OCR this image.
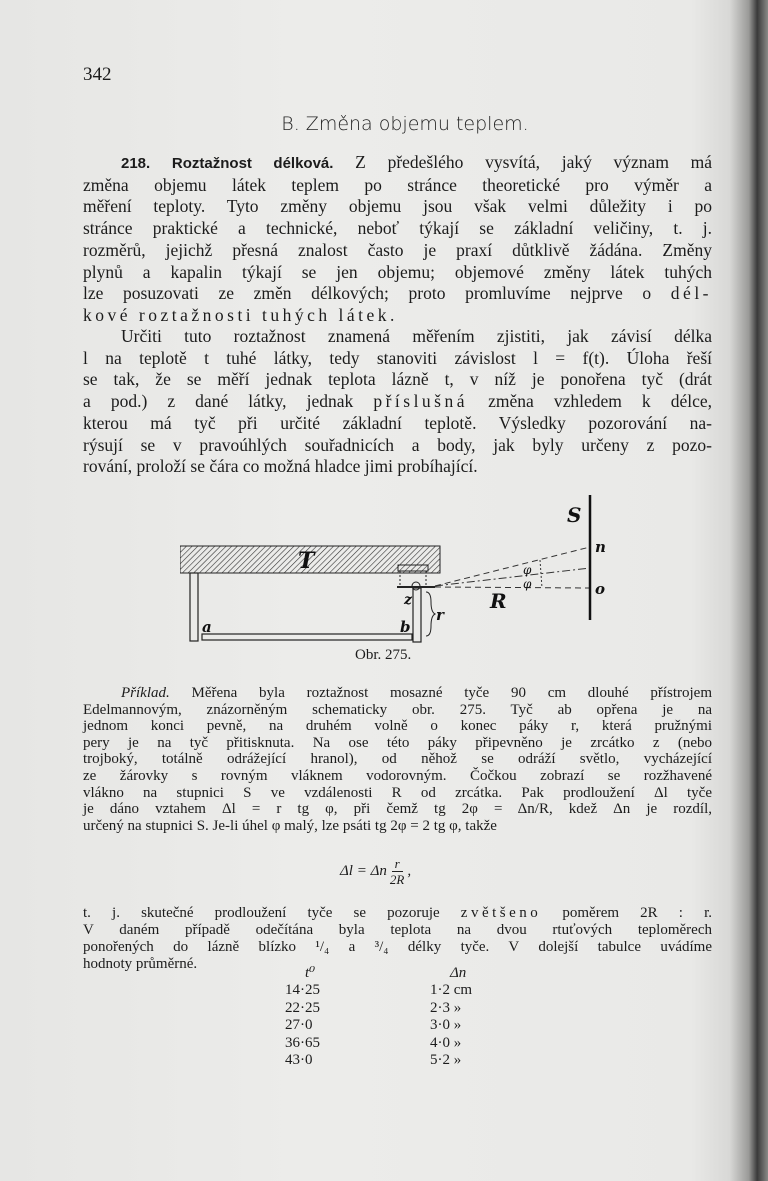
342
B. Změna objemu teplem.
218. Roztažnost délková. Z předešlého vysvítá, jaký význam má
změna objemu látek teplem po stránce theoretické pro výměr a
měření teploty. Tyto změny objemu jsou však velmi důležity i po
stránce praktické a technické, neboť týkají se základní veličiny, t. j.
rozměrů, jejichž přesná znalost často je praxí důtklivě žádána. Změny
plynů a kapalin týkají se jen objemu; objemové změny látek tuhých
lze posuzovati ze změn délkových; proto promluvíme nejprve o dél-
kové roztažnosti tuhých látek.
Určiti tuto roztažnost znamená měřením zjistiti, jak závisí délka
l na teplotě t tuhé látky, tedy stanoviti závislost l = f(t). Úloha řeší
se tak, že se měří jednak teplota lázně t, v níž je ponořena tyč (drát
a pod.) z dané látky, jednak příslušná změna vzhledem k délce,
kterou má tyč při určité základní teplotě. Výsledky pozorování na-
rýsují se v pravoúhlých souřadnicích a body, jak byly určeny z pozo-
rování, proloží se čára co možná hladce jimi probíhající.
T
a	b
z
r
R
S
n
o
φ
φ
Obr. 275.
Příklad. Měřena byla roztažnost mosazné tyče 90 cm dlouhé přístrojem
Edelmannovým, znázorněným schematicky obr. 275. Tyč ab opřena je na
jednom konci pevně, na druhém volně o konec páky r, která pružnými
pery je na tyč přitisknuta. Na ose této páky připevněno je zrcátko z (nebo
trojboký, totálně odrážející hranol), od něhož se odráží světlo, vycházející
ze žárovky s rovným vláknem vodorovným. Čočkou zobrazí se rozžhavené
vlákno na stupnici S ve vzdálenosti R od zrcátka. Pak prodloužení Δl tyče
je dáno vztahem Δl = r tg φ, při čemž tg 2φ = Δn/R, kdež Δn je rozdíl,
určený na stupnici S. Je-li úhel φ malý, lze psáti tg 2φ = 2 tg φ, takže
Δl = Δn $\frac{r}{2R}$ ,
t. j. skutečné prodloužení tyče se pozoruje zvětšeno poměrem 2R : r.
V daném případě odečítána byla teplota na dvou rtuťových teploměrech
ponořených do lázně blízko ¹/₄ a ³/₄ délky tyče. V dolejší tabulce uvádíme
hodnoty průměrné.
t⁰	Δn
14·25	1·2 cm
22·25	2·3 »
27·0	3·0 »
36·65	4·0 »
43·0	5·2 »
